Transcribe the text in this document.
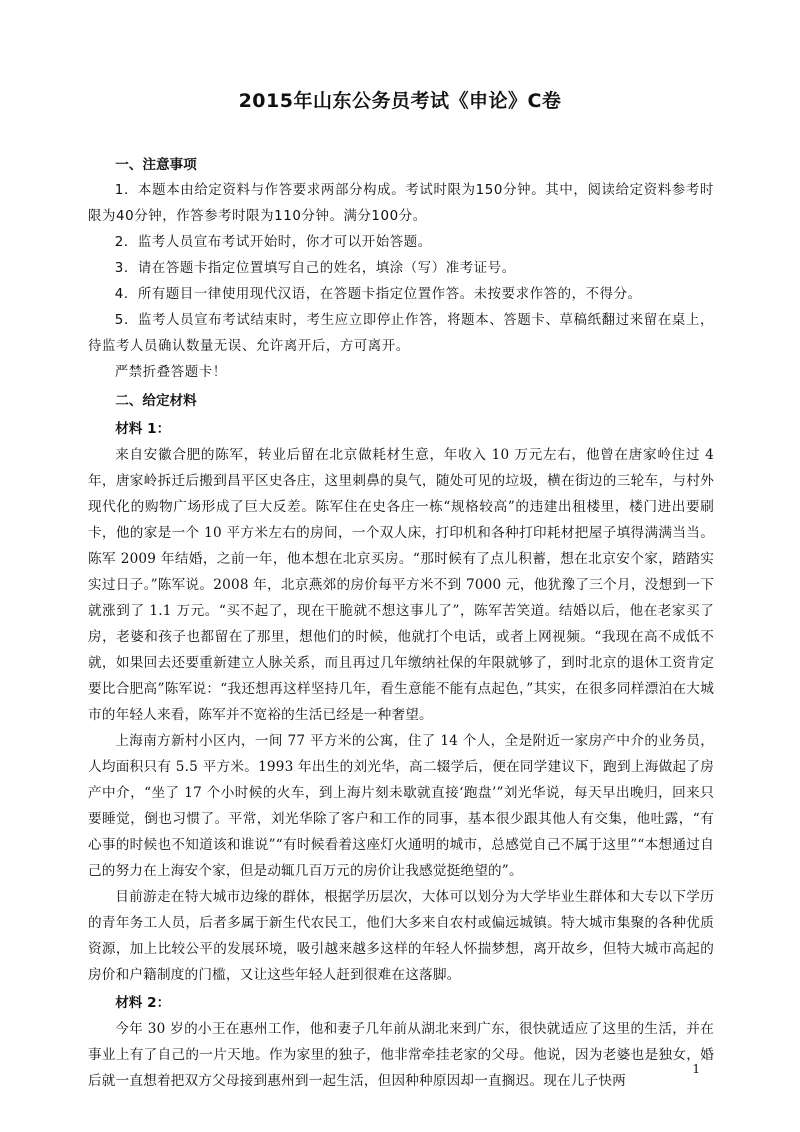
2015年山东公务员考试《申论》C卷

一、注意事项

1．本题本由给定资料与作答要求两部分构成。考试时限为150分钟。其中，阅读给定资料参考时限为40分钟，作答参考时限为110分钟。满分100分。

2．监考人员宣布考试开始时，你才可以开始答题。

3．请在答题卡指定位置填写自己的姓名，填涂（写）准考证号。

4．所有题目一律使用现代汉语，在答题卡指定位置作答。未按要求作答的，不得分。

5．监考人员宣布考试结束时，考生应立即停止作答，将题本、答题卡、草稿纸翻过来留在桌上，待监考人员确认数量无误、允许离开后，方可离开。

严禁折叠答题卡！

二、给定材料

材料 1：

来自安徽合肥的陈军，转业后留在北京做耗材生意，年收入 10 万元左右，他曾在唐家岭住过 4 年，唐家岭拆迁后搬到昌平区史各庄，这里刺鼻的臭气，随处可见的垃圾，横在街边的三轮车，与村外现代化的购物广场形成了巨大反差。陈军住在史各庄一栋“规格较高”的违建出租楼里，楼门进出要刷卡，他的家是一个 10 平方米左右的房间，一个双人床，打印机和各种打印耗材把屋子填得满满当当。陈军 2009 年结婚，之前一年，他本想在北京买房。“那时候有了点儿积蓄，想在北京安个家，踏踏实实过日子。”陈军说。2008 年，北京燕郊的房价每平方米不到 7000 元，他犹豫了三个月，没想到一下就涨到了 1.1 万元。“买不起了，现在干脆就不想这事儿了”，陈军苦笑道。结婚以后，他在老家买了房，老婆和孩子也都留在了那里，想他们的时候，他就打个电话，或者上网视频。“我现在高不成低不就，如果回去还要重新建立人脉关系，而且再过几年缴纳社保的年限就够了，到时北京的退休工资肯定要比合肥高”陈军说：“我还想再这样坚持几年，看生意能不能有点起色，”其实，在很多同样漂泊在大城市的年轻人来看，陈军并不宽裕的生活已经是一种奢望。

上海南方新村小区内，一间 77 平方米的公寓，住了 14 个人，全是附近一家房产中介的业务员，人均面积只有 5.5 平方米。1993 年出生的刘光华，高二辍学后，便在同学建议下，跑到上海做起了房产中介，“坐了 17 个小时候的火车，到上海片刻未歇就直接‘跑盘’”刘光华说，每天早出晚归，回来只要睡觉，倒也习惯了。平常，刘光华除了客户和工作的同事，基本很少跟其他人有交集，他吐露，“有心事的时候也不知道该和谁说”“有时候看着这座灯火通明的城市，总感觉自己不属于这里”“本想通过自己的努力在上海安个家，但是动辄几百万元的房价让我感觉挺绝望的”。

目前游走在特大城市边缘的群体，根据学历层次，大体可以划分为大学毕业生群体和大专以下学历的青年务工人员，后者多属于新生代农民工，他们大多来自农村或偏远城镇。特大城市集聚的各种优质资源，加上比较公平的发展环境，吸引越来越多这样的年轻人怀揣梦想，离开故乡，但特大城市高起的房价和户籍制度的门槛，又让这些年轻人赶到很难在这落脚。

材料 2：

今年 30 岁的小王在惠州工作，他和妻子几年前从湖北来到广东，很快就适应了这里的生活，并在事业上有了自己的一片天地。作为家里的独子，他非常牵挂老家的父母。他说，因为老婆也是独女，婚后就一直想着把双方父母接到惠州到一起生活，但因种种原因却一直搁迟。现在儿子快两

1
